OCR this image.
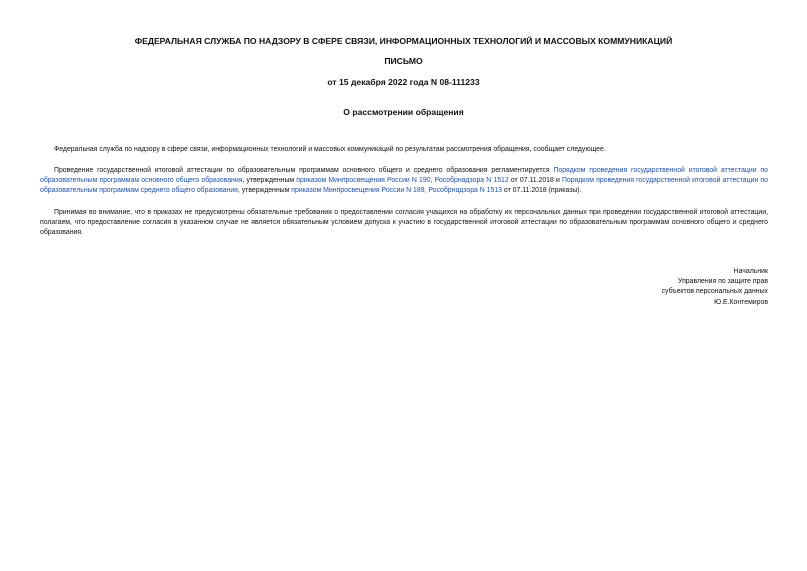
ФЕДЕРАЛЬНАЯ СЛУЖБА ПО НАДЗОРУ В СФЕРЕ СВЯЗИ, ИНФОРМАЦИОННЫХ ТЕХНОЛОГИЙ И МАССОВЫХ КОММУНИКАЦИЙ
ПИСЬМО
от 15 декабря 2022 года N 08-111233
О рассмотрении обращения
Федеральная служба по надзору в сфере связи, информационных технологий и массовых коммуникаций по результатам рассмотрения обращения, сообщает следующее.
Проведение государственной итоговой аттестации по образовательным программам основного общего и среднего образования регламентируется Порядком проведения государственной итоговой аттестации по образовательным программам основного общего образования, утвержденным приказом Минпросвещения России N 190, Рособрнадзора N 1512 от 07.11.2018 и Порядком проведения государственной итоговой аттестации по образовательным программам среднего общего образования, утвержденным приказом Минпросвещения России N 189, Рособрнадзора N 1513 от 07.11.2018 (приказы).
Принимая во внимание, что в приказах не предусмотрены обязательные требования о предоставлении согласия учащихся на обработку их персональных данных при проведении государственной итоговой аттестации, полагаем, что предоставление согласия в указанном случае не является обязательным условием допуска к участию в государственной итоговой аттестации по образовательным программам основного общего и среднего образования.
Начальник
Управления по защите прав
субъектов персональных данных
Ю.Е.Контемиров
